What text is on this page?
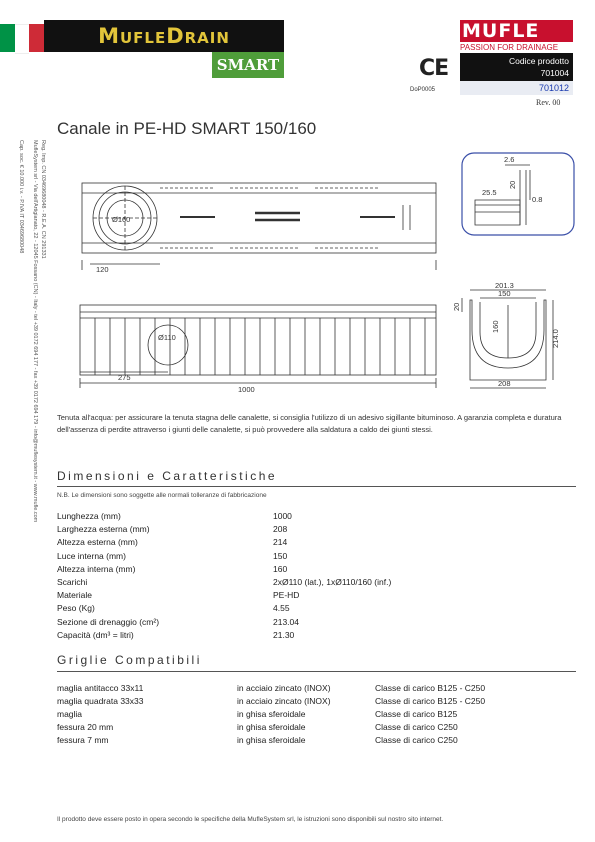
MufleDrain
SMART	CE
DoP0005
MUFLE
PASSION FOR DRAINAGE
Codice prodotto
701004
701012
Rev. 00
Canale in PE-HD SMART 150/160
Cap. soc. € 10.000 i.v. - P.IVA IT 03469680048 MufleSystem srl - Via dell'Artigianato, 22 - 12045 Fossano (CN) - Italy - tel +39 0172 694 177 - fax +39 0172 694 179 - info@muflesystem.it - www.mufle.com Reg. Imp. CN 03469680048 - R.E.A. CN 291331
1000
275
120
Ø160
Ø110
201.3
150
208
160
214.0
20
2.6
20
25.5
0.8
Tenuta all'acqua: per assicurare la tenuta stagna delle canalette, si consiglia l'utilizzo di un adesivo sigillante bituminoso. A garanzia completa e duratura dell'assenza di perdite attraverso i giunti delle canalette, si può provvedere alla saldatura a caldo dei giunti stessi.
Dimensioni e Caratteristiche
N.B. Le dimensioni sono soggette alle normali tolleranze di fabbricazione
Lunghezza (mm)	1000
Larghezza esterna (mm)	208
Altezza esterna (mm)	214
Luce interna (mm)	150
Altezza interna (mm)	160
Scarichi	2xØ110 (lat.), 1xØ110/160 (inf.)
Materiale	PE-HD
Peso (Kg)	4.55
Sezione di drenaggio (cm²)	213.04
Capacità (dm³ = litri)	21.30
Griglie Compatibili
maglia antitacco 33x11	in acciaio zincato (INOX)	Classe di carico B125 - C250
maglia quadrata 33x33	in acciaio zincato (INOX)	Classe di carico B125 - C250
maglia	in ghisa sferoidale	Classe di carico B125
fessura 20 mm	in ghisa sferoidale	Classe di carico C250
fessura 7 mm	in ghisa sferoidale	Classe di carico C250
Il prodotto deve essere posto in opera secondo le specifiche della MufleSystem srl, le istruzioni sono disponibili sul nostro sito internet.
